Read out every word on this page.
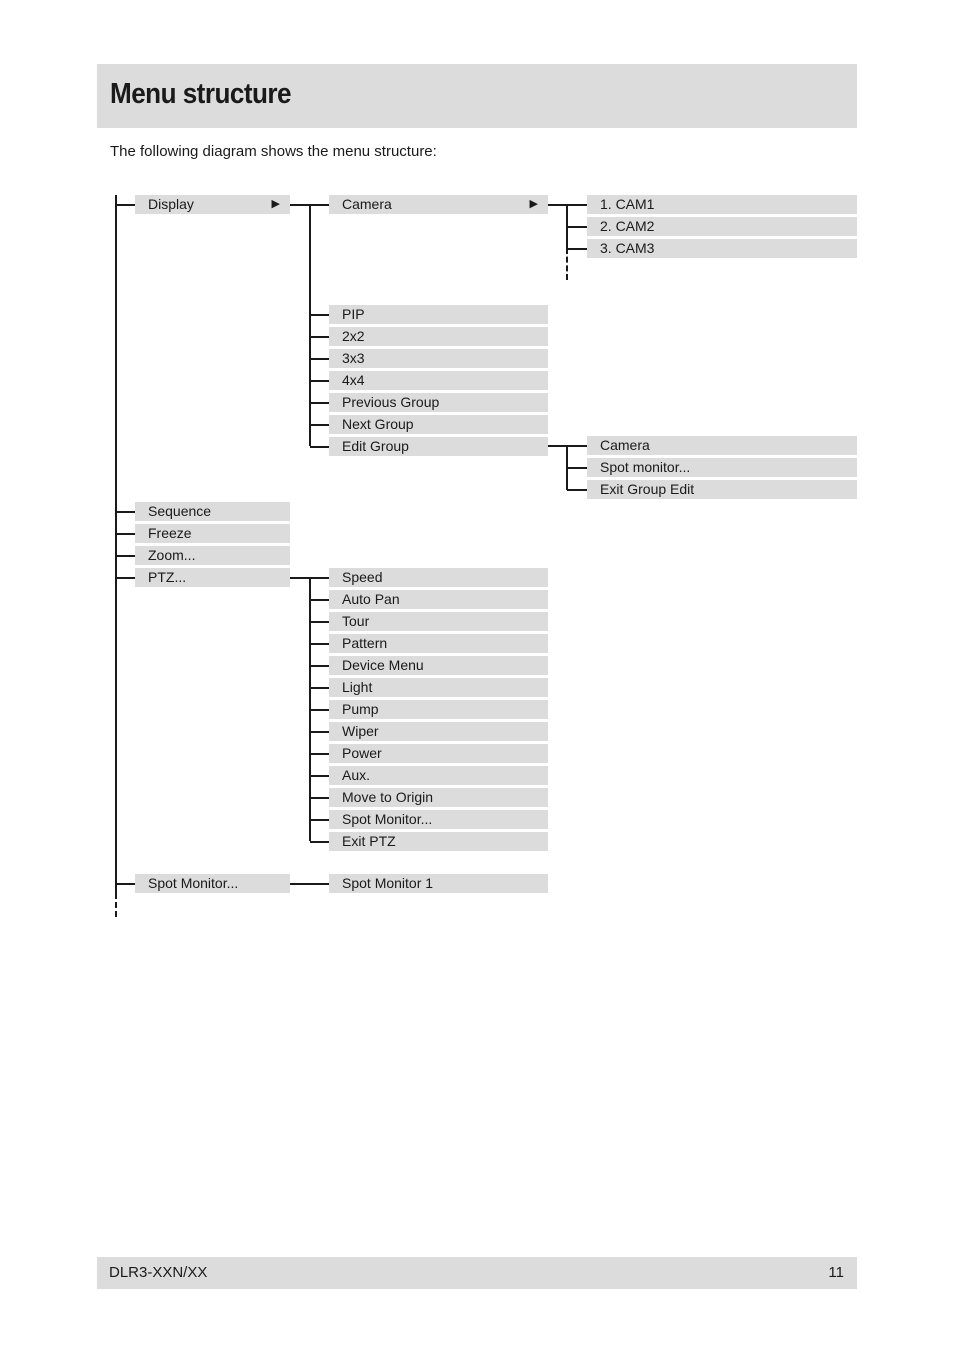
Menu structure
The following diagram shows the menu structure:
Display	▶
Sequence
Freeze
Zoom...
PTZ...
Spot Monitor...
Camera	▶
PIP
2x2
3x3
4x4
Previous Group
Next Group
Edit Group
1. CAM1
2. CAM2
3. CAM3
Camera
Spot monitor...
Exit Group Edit
Speed
Auto Pan
Tour
Pattern
Device Menu
Light
Pump
Wiper
Power
Aux.
Move to Origin
Spot Monitor...
Exit PTZ
Spot Monitor 1
DLR3-XXN/XX	11
